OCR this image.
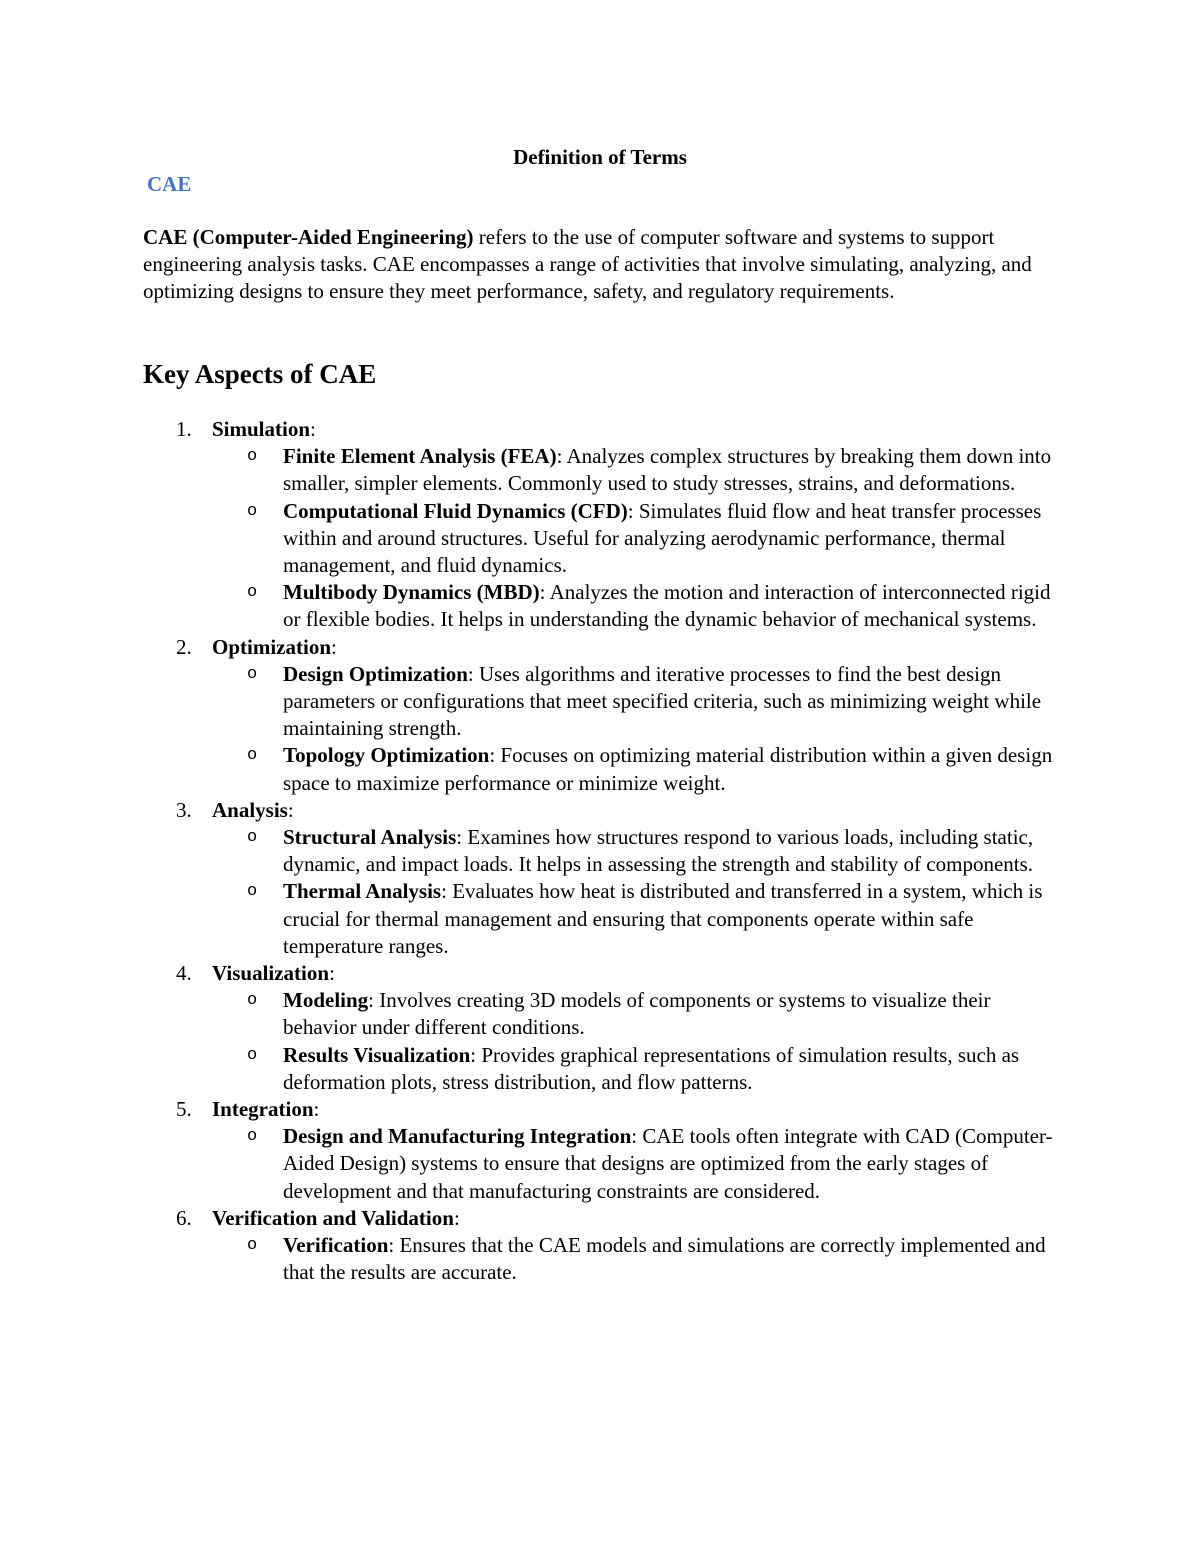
Definition of Terms
CAE

CAE (Computer-Aided Engineering) refers to the use of computer software and systems to support engineering analysis tasks. CAE encompasses a range of activities that involve simulating, analyzing, and optimizing designs to ensure they meet performance, safety, and regulatory requirements.

Key Aspects of CAE
1. Simulation:
o Finite Element Analysis (FEA): Analyzes complex structures by breaking them down into smaller, simpler elements. Commonly used to study stresses, strains, and deformations.
o Computational Fluid Dynamics (CFD): Simulates fluid flow and heat transfer processes within and around structures. Useful for analyzing aerodynamic performance, thermal management, and fluid dynamics.
o Multibody Dynamics (MBD): Analyzes the motion and interaction of interconnected rigid or flexible bodies. It helps in understanding the dynamic behavior of mechanical systems.
2. Optimization:
o Design Optimization: Uses algorithms and iterative processes to find the best design parameters or configurations that meet specified criteria, such as minimizing weight while maintaining strength.
o Topology Optimization: Focuses on optimizing material distribution within a given design space to maximize performance or minimize weight.
3. Analysis:
o Structural Analysis: Examines how structures respond to various loads, including static, dynamic, and impact loads. It helps in assessing the strength and stability of components.
o Thermal Analysis: Evaluates how heat is distributed and transferred in a system, which is crucial for thermal management and ensuring that components operate within safe temperature ranges.
4. Visualization:
o Modeling: Involves creating 3D models of components or systems to visualize their behavior under different conditions.
o Results Visualization: Provides graphical representations of simulation results, such as deformation plots, stress distribution, and flow patterns.
5. Integration:
o Design and Manufacturing Integration: CAE tools often integrate with CAD (Computer-Aided Design) systems to ensure that designs are optimized from the early stages of development and that manufacturing constraints are considered.
6. Verification and Validation:
o Verification: Ensures that the CAE models and simulations are correctly implemented and that the results are accurate.
